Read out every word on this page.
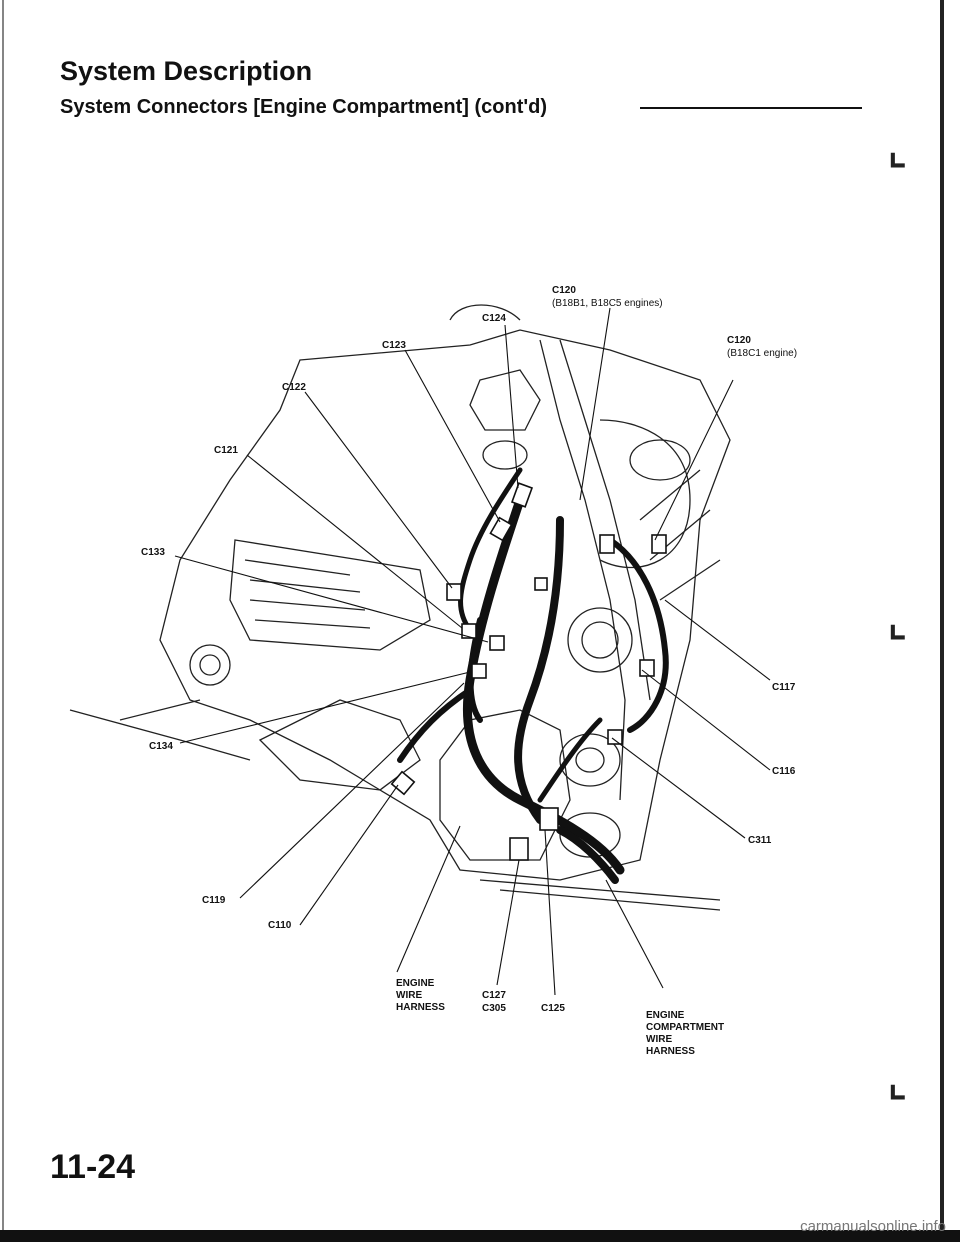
System Description
System Connectors [Engine Compartment] (cont'd)
⌞
⌞
⌞
C120
(B18B1, B18C5 engines)
C120
(B18C1 engine)
C124
C123
C122
C121
C133
C117
C116
C134
C311
C119
C110
ENGINE WIRE HARNESS
C127
C305	C125
ENGINE COMPARTMENT WIRE HARNESS
11-24
carmanualsonline.info
